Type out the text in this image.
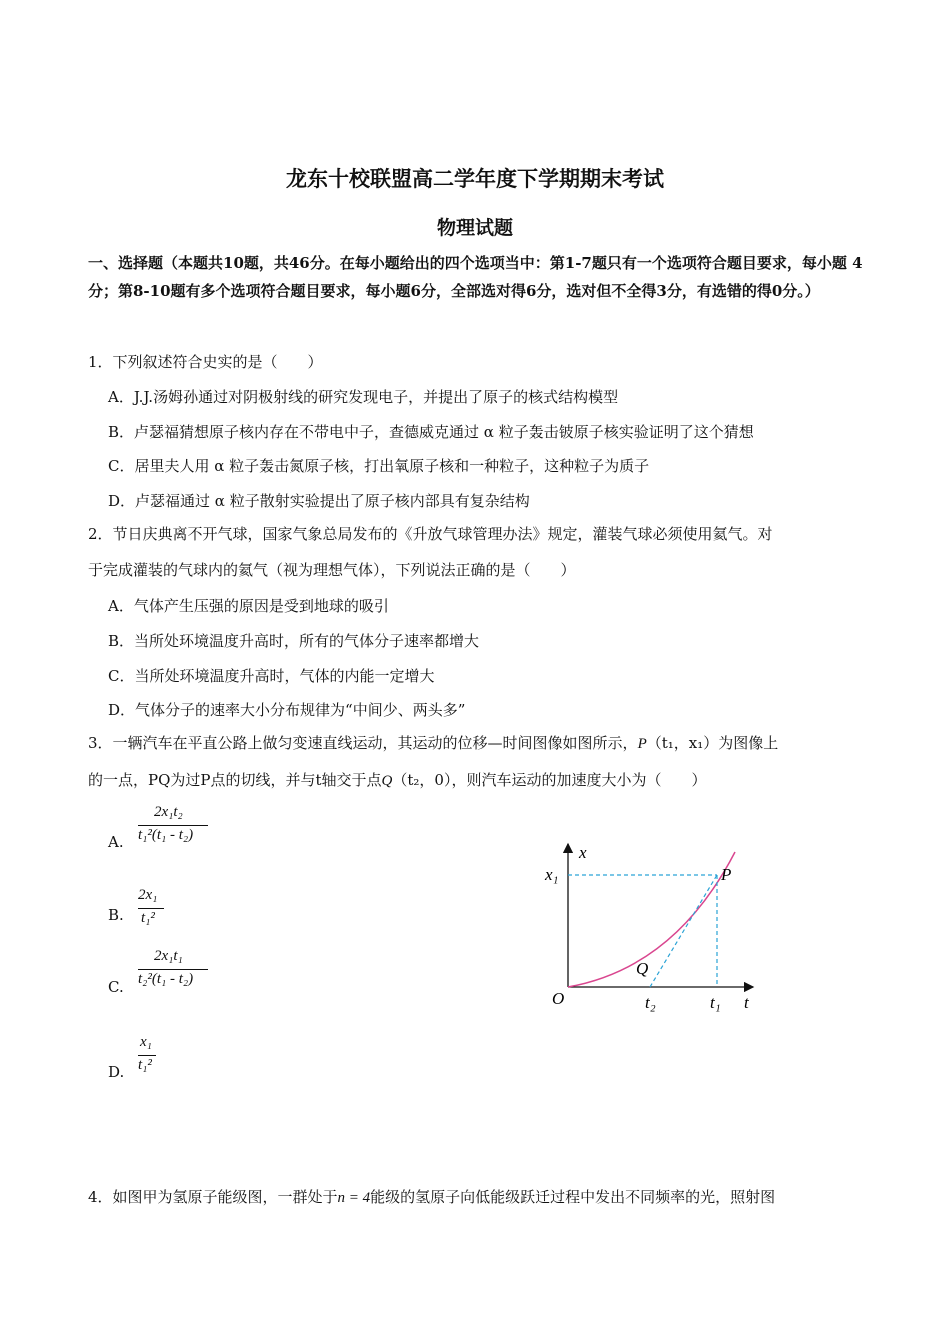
龙东十校联盟高二学年度下学期期末考试
物理试题
一、选择题（本题共10题，共46分。在每小题给出的四个选项当中：第1-7题只有一个选项符合题目要求，每小题 4 分；第8-10题有多个选项符合题目要求，每小题6分，全部选对得6分，选对但不全得3分，有选错的得0分。）
1．下列叙述符合史实的是（　　）
A．J.J.汤姆孙通过对阴极射线的研究发现电子，并提出了原子的核式结构模型
B．卢瑟福猜想原子核内存在不带电中子，查德威克通过 α 粒子轰击铍原子核实验证明了这个猜想
C．居里夫人用 α 粒子轰击氮原子核，打出氧原子核和一种粒子，这种粒子为质子
D．卢瑟福通过 α 粒子散射实验提出了原子核内部具有复杂结构
2．节日庆典离不开气球，国家气象总局发布的《升放气球管理办法》规定，灌装气球必须使用氦气。对
于完成灌装的气球内的氦气（视为理想气体），下列说法正确的是（　　）
A．气体产生压强的原因是受到地球的吸引
B．当所处环境温度升高时，所有的气体分子速率都增大
C．当所处环境温度升高时，气体的内能一定增大
D．气体分子的速率大小分布规律为“中间少、两头多”
3．一辆汽车在平直公路上做匀变速直线运动，其运动的位移—时间图像如图所示，P（t₁，x₁）为图像上
的一点，PQ为过P点的切线，并与t轴交于点Q（t₂，0），则汽车运动的加速度大小为（　　）
A.
2x₁t₂
t₁²(t₁ - t₂)
B.
2x₁
t₁²
C.
2x₁t₁
t₂²(t₁ - t₂)
D.
x₁
t₁²
x
t
O
x₁	P
Q
t₂	t₁
4．如图甲为氢原子能级图，一群处于n = 4能级的氢原子向低能级跃迁过程中发出不同频率的光，照射图
